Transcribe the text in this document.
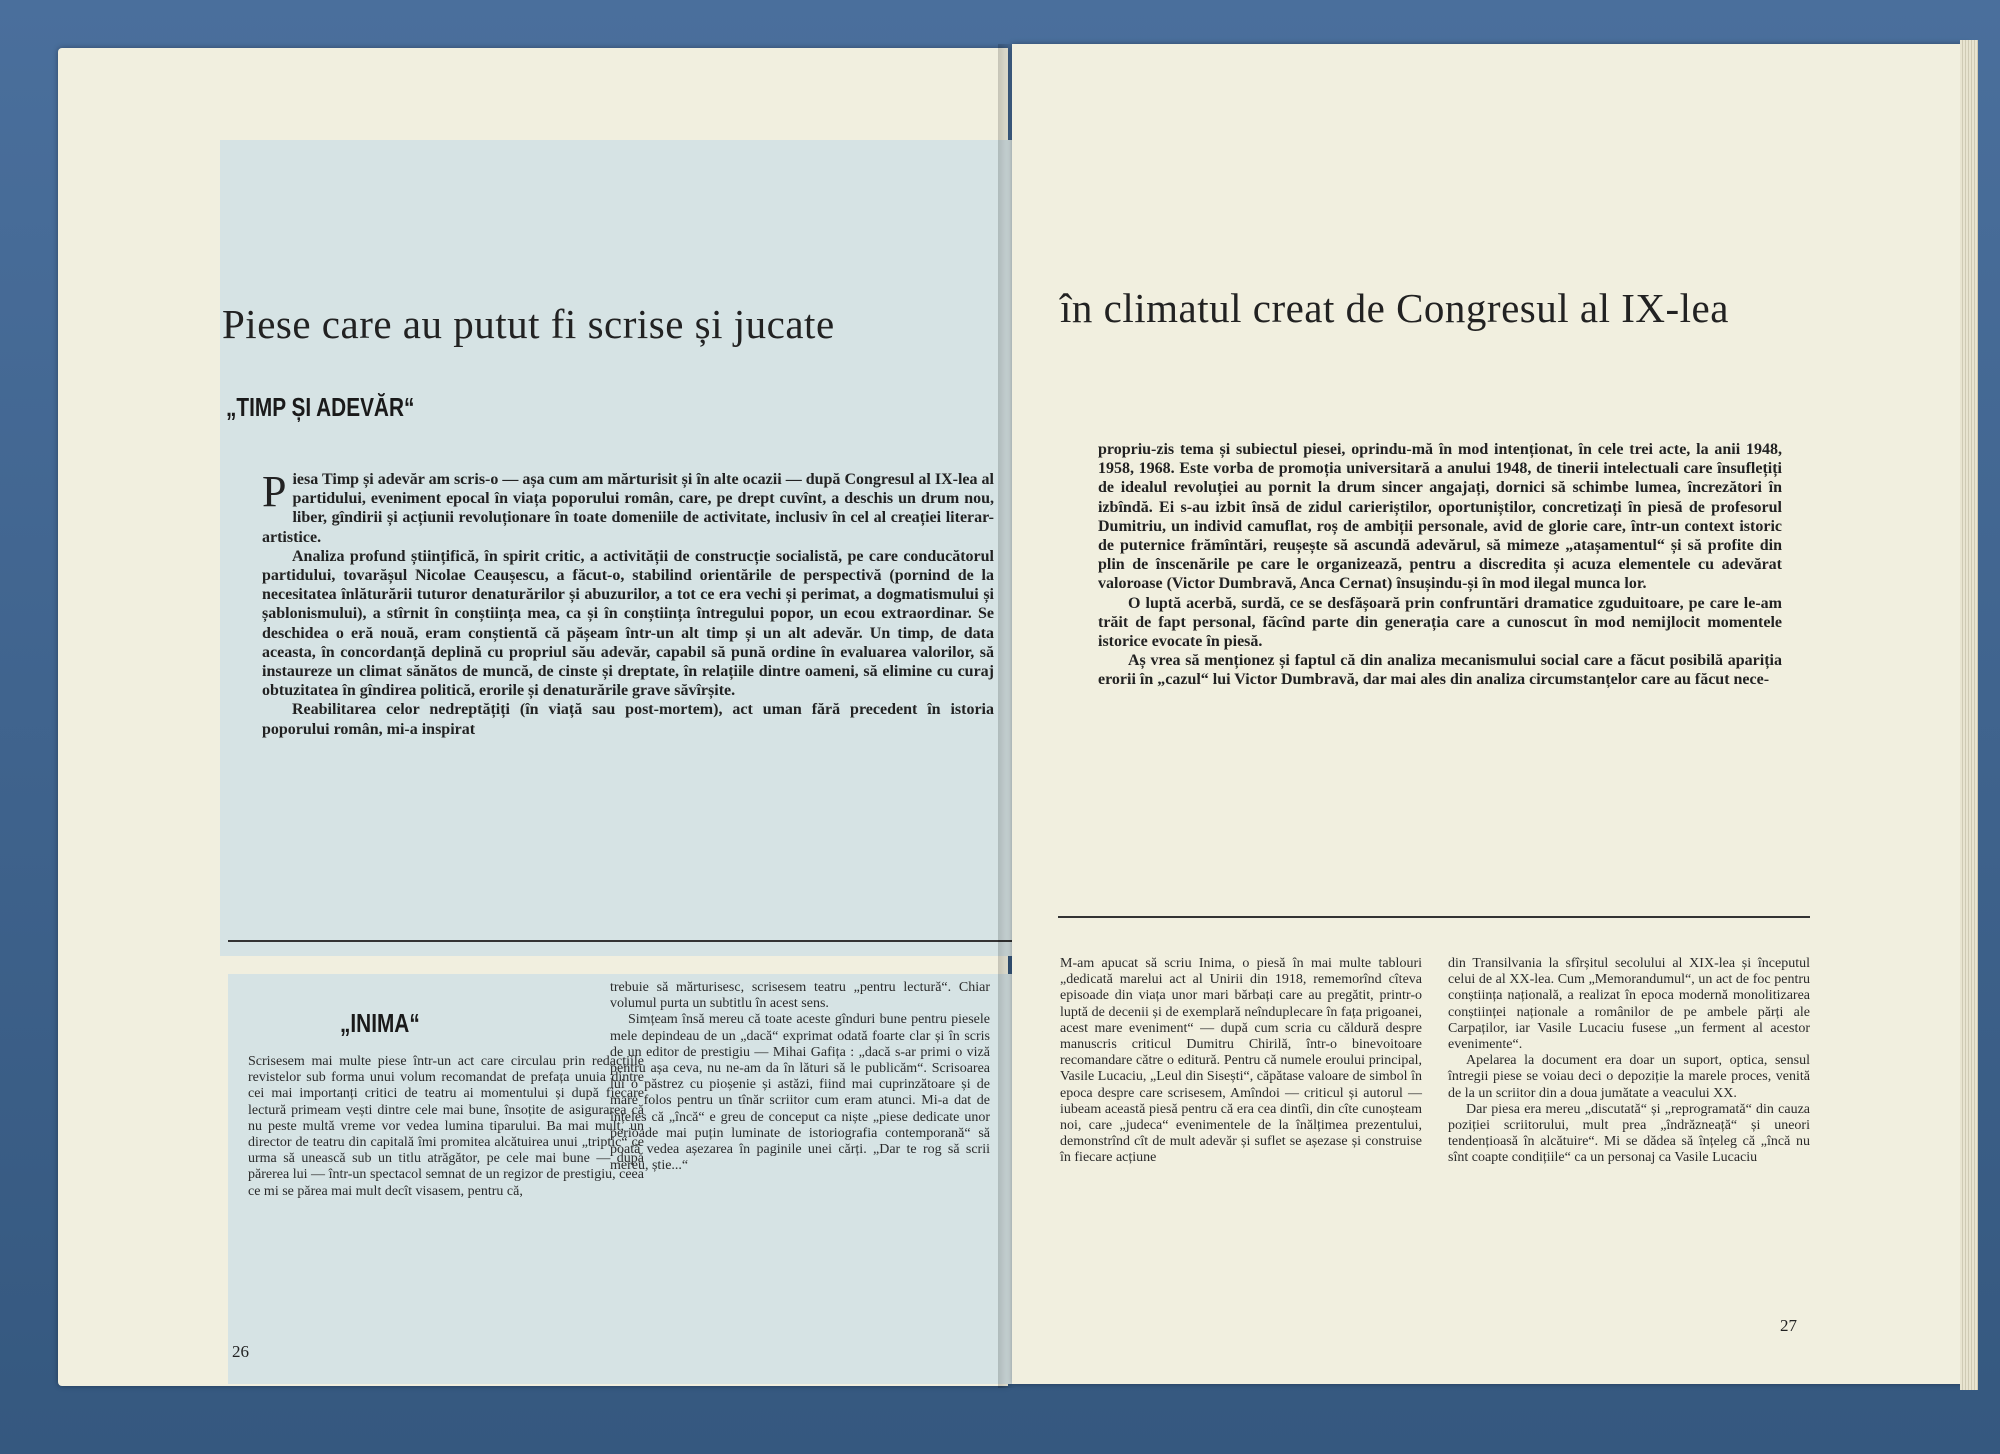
Piese care au putut fi scrise și jucate
„TIMP ȘI ADEVĂR“

Piesa Timp și adevăr am scris-o — așa cum am mărturisit și în alte ocazii — după Congresul al IX-lea al partidului, eveniment epocal în viața poporului român, care, pe drept cuvînt, a deschis un drum nou, liber, gîndirii și acțiunii revoluționare în toate domeniile de activitate, inclusiv în cel al creației literar-artistice.

Analiza profund științifică, în spirit critic, a activității de construcție socialistă, pe care conducătorul partidului, tovarășul Nicolae Ceaușescu, a făcut-o, stabilind orientările de perspectivă (pornind de la necesitatea înlăturării tuturor denaturărilor și abuzurilor, a tot ce era vechi și perimat, a dogmatismului și șablonismului), a stîrnit în conștiința mea, ca și în conștiința întregului popor, un ecou extraordinar. Se deschidea o eră nouă, eram conștientă că pășeam într-un alt timp și un alt adevăr. Un timp, de data aceasta, în concordanță deplină cu propriul său adevăr, capabil să pună ordine în evaluarea valorilor, să instaureze un climat sănătos de muncă, de cinste și dreptate, în relațiile dintre oameni, să elimine cu curaj obtuzitatea în gîndirea politică, erorile și denaturările grave săvîrșite.

Reabilitarea celor nedreptățiți (în viață sau post-mortem), act uman fără precedent în istoria poporului român, mi-a inspirat

„INIMA“

Scrisesem mai multe piese într-un act care circulau prin redacțiile revistelor sub forma unui volum recomandat de prefața unuia dintre cei mai importanți critici de teatru ai momentului și după fiecare lectură primeam vești dintre cele mai bune, însoțite de asigurarea că nu peste multă vreme vor vedea lumina tiparului. Ba mai mult, un director de teatru din capitală îmi promitea alcătuirea unui „triptic“ ce urma să unească sub un titlu atrăgător, pe cele mai bune — după părerea lui — într-un spectacol semnat de un regizor de prestigiu, ceea ce mi se părea mai mult decît visasem, pentru că,

trebuie să mărturisesc, scrisesem teatru „pentru lectură“. Chiar volumul purta un subtitlu în acest sens.

Simțeam însă mereu că toate aceste gînduri bune pentru piesele mele depindeau de un „dacă“ exprimat odată foarte clar și în scris de un editor de prestigiu — Mihai Gafița : „dacă s-ar primi o viză pentru așa ceva, nu ne-am da în lături să le publicăm“. Scrisoarea lui o păstrez cu pioșenie și astăzi, fiind mai cuprinzătoare și de mare folos pentru un tînăr scriitor cum eram atunci. Mi-a dat de înțeles că „încă“ e greu de conceput ca niște „piese dedicate unor perioade mai puțin luminate de istoriografia contemporană“ să poată vedea așezarea în paginile unei cărți. „Dar te rog să scrii mereu, știe...“

26
în climatul creat de Congresul al IX-lea

propriu-zis tema și subiectul piesei, oprindu-mă în mod intenționat, în cele trei acte, la anii 1948, 1958, 1968. Este vorba de promoția universitară a anului 1948, de tinerii intelectuali care însuflețiți de idealul revoluției au pornit la drum sincer angajați, dornici să schimbe lumea, încrezători în izbîndă. Ei s-au izbit însă de zidul carieriștilor, oportuniștilor, concretizați în piesă de profesorul Dumitriu, un individ camuflat, roș de ambiții personale, avid de glorie care, într-un context istoric de puternice frămîntări, reușește să ascundă adevărul, să mimeze „atașamentul“ și să profite din plin de înscenările pe care le organizează, pentru a discredita și acuza elementele cu adevărat valoroase (Victor Dumbravă, Anca Cernat) însușindu-și în mod ilegal munca lor.

O luptă acerbă, surdă, ce se desfășoară prin confruntări dramatice zguduitoare, pe care le-am trăit de fapt personal, făcînd parte din generația care a cunoscut în mod nemijlocit momentele istorice evocate în piesă.

Aș vrea să menționez și faptul că din analiza mecanismului social care a făcut posibilă apariția erorii în „cazul“ lui Victor Dumbravă, dar mai ales din analiza circumstanțelor care au făcut nece-

M-am apucat să scriu Inima, o piesă în mai multe tablouri „dedicată marelui act al Unirii din 1918, rememorînd cîteva episoade din viața unor mari bărbați care au pregătit, printr-o luptă de decenii și de exemplară neînduplecare în fața prigoanei, acest mare eveniment“ — după cum scria cu căldură despre manuscris criticul Dumitru Chirilă, într-o binevoitoare recomandare către o editură. Pentru că numele eroului principal, Vasile Lucaciu, „Leul din Sisești“, căpătase valoare de simbol în epoca despre care scrisesem, Amîndoi — criticul și autorul — iubeam această piesă pentru că era cea dintîi, din cîte cunoșteam noi, care „judeca“ evenimentele de la înălțimea prezentului, demonstrînd cît de mult adevăr și suflet se așezase și construise în fiecare acțiune

din Transilvania la sfîrșitul secolului al XIX-lea și începutul celui de al XX-lea. Cum „Memorandumul“, un act de foc pentru conștiința națională, a realizat în epoca modernă monolitizarea conștiinței naționale a românilor de pe ambele părți ale Carpaților, iar Vasile Lucaciu fusese „un ferment al acestor evenimente“.

Apelarea la document era doar un suport, optica, sensul întregii piese se voiau deci o depoziție la marele proces, venită de la un scriitor din a doua jumătate a veacului XX.

Dar piesa era mereu „discutată“ și „reprogramată“ din cauza poziției scriitorului, mult prea „îndrăzneață“ și uneori tendențioasă în alcătuire“. Mi se dădea să înțeleg că „încă nu sînt coapte condițiile“ ca un personaj ca Vasile Lucaciu

27
